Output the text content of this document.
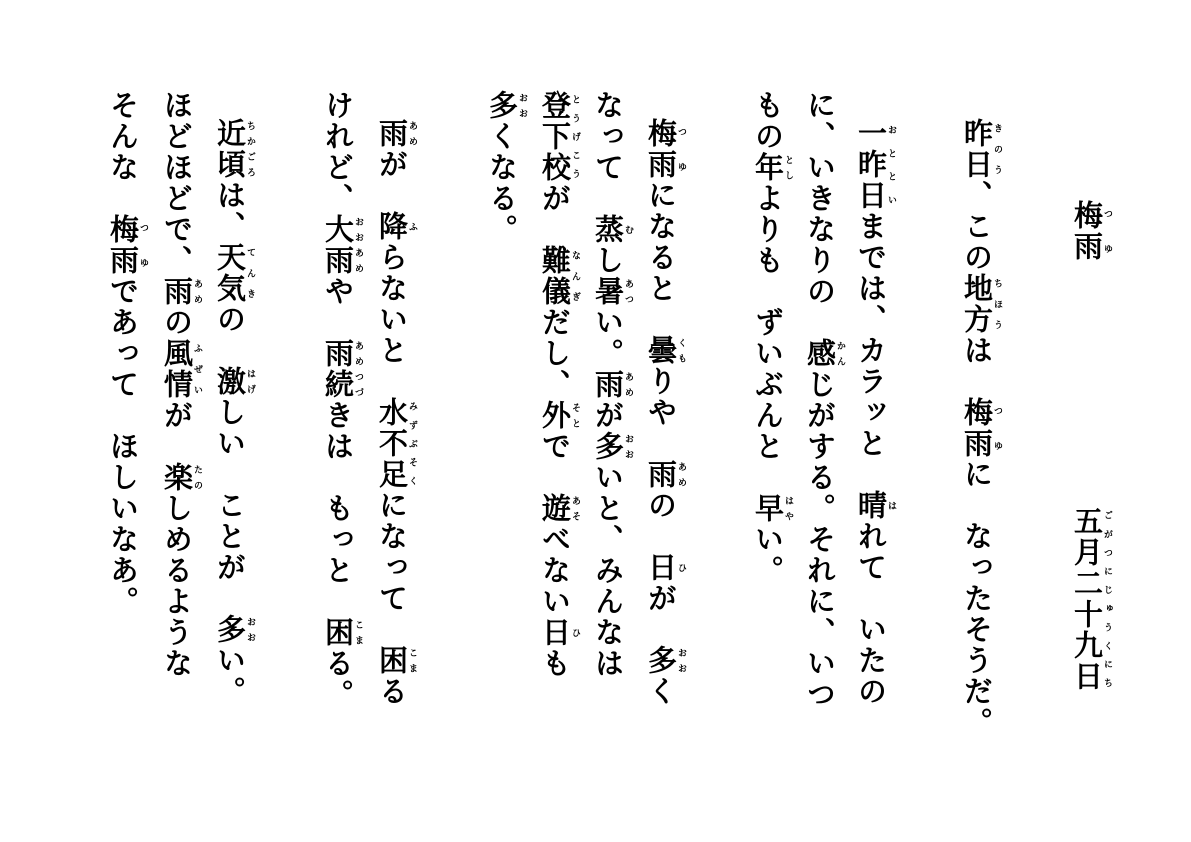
梅雨つゆ
五月二十九日ごがつにじゅうくにち
昨日きのう、この地方ちほうは　梅雨つゆに　なったそうだ。
一昨日おとといまでは、カラッと　晴はれて　いたの
に、いきなりの　感かんじがする。それに、いつ
もの年としよりも　ずいぶんと　早はやい。
梅雨つゆになると　曇くもりや　雨あめの　日ひが　多おおく
なって　蒸むし暑あつい。雨あめが多おおいと、みんなは
登下校とうげこうが　難儀なんぎだし、外そとで　遊あそべない日ひも
多おおくなる。
雨あめが　降ふらないと　水不足みずぶそくになって　困こまる
けれど、大雨おおあめや　雨続あめつづきは　もっと　困こまる。
近頃ちかごろは、天気てんきの　激はげしい　ことが　多おおい。
ほどほどで、雨あめの風情ふぜいが　楽たのしめるような
そんな　梅雨つゆであって　ほしいなあ。
